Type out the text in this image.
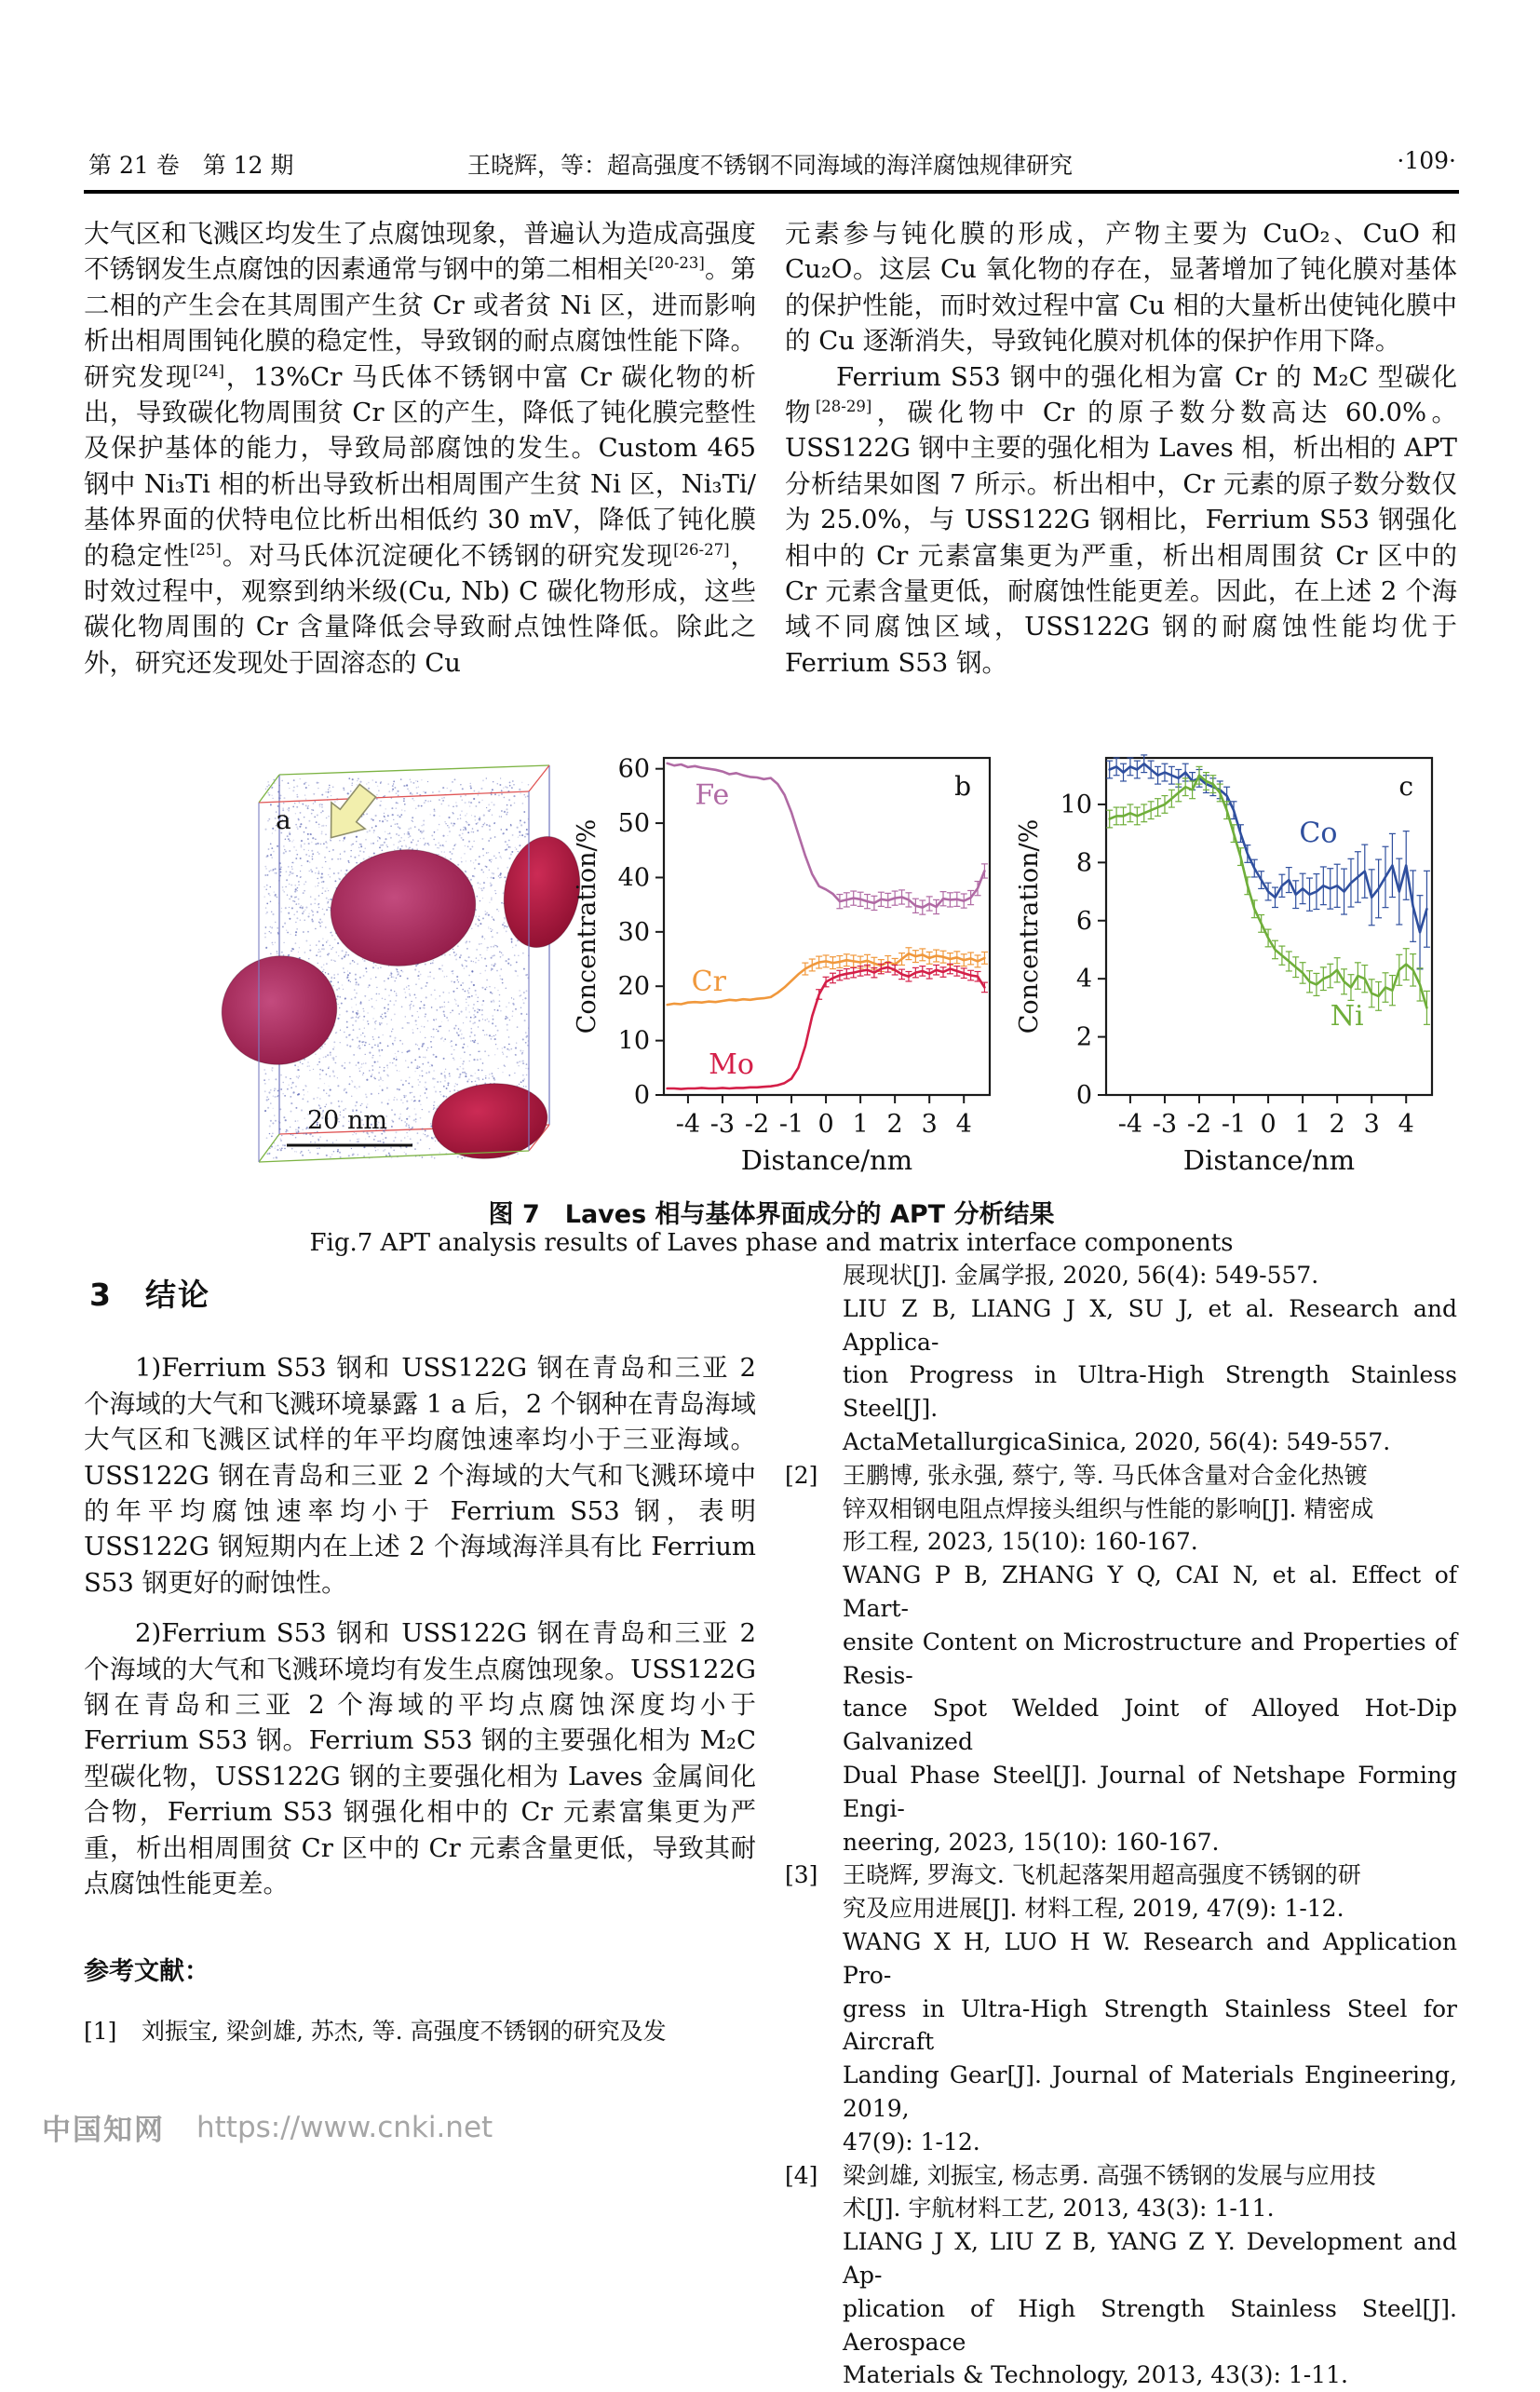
第 21 卷　第 12 期	王晓辉，等：超高强度不锈钢不同海域的海洋腐蚀规律研究	·109·

大气区和飞溅区均发生了点腐蚀现象，普遍认为造成高强度不锈钢发生点腐蚀的因素通常与钢中的第二相相关[20-23]。第二相的产生会在其周围产生贫 Cr 或者贫 Ni 区，进而影响析出相周围钝化膜的稳定性，导致钢的耐点腐蚀性能下降。研究发现[24]，13%Cr 马氏体不锈钢中富 Cr 碳化物的析出，导致碳化物周围贫 Cr 区的产生，降低了钝化膜完整性及保护基体的能力，导致局部腐蚀的发生。Custom 465 钢中 Ni₃Ti 相的析出导致析出相周围产生贫 Ni 区，Ni₃Ti/基体界面的伏特电位比析出相低约 30 mV，降低了钝化膜的稳定性[25]。对马氏体沉淀硬化不锈钢的研究发现[26-27]，时效过程中，观察到纳米级(Cu, Nb) C 碳化物形成，这些碳化物周围的 Cr 含量降低会导致耐点蚀性降低。除此之外，研究还发现处于固溶态的 Cu

元素参与钝化膜的形成，产物主要为 CuO₂、CuO 和 Cu₂O。这层 Cu 氧化物的存在，显著增加了钝化膜对基体的保护性能，而时效过程中富 Cu 相的大量析出使钝化膜中的 Cu 逐渐消失，导致钝化膜对机体的保护作用下降。

Ferrium S53 钢中的强化相为富 Cr 的 M₂C 型碳化物[28-29]，碳化物中 Cr 的原子数分数高达 60.0%。USS122G 钢中主要的强化相为 Laves 相，析出相的 APT 分析结果如图 7 所示。析出相中，Cr 元素的原子数分数仅为 25.0%，与 USS122G 钢相比，Ferrium S53 钢强化相中的 Cr 元素富集更为严重，析出相周围贫 Cr 区中的 Cr 元素含量更低，耐腐蚀性能更差。因此，在上述 2 个海域不同腐蚀区域，USS122G 钢的耐腐蚀性能均优于 Ferrium S53 钢。

a
20 nm
0
10
20
30
40
50
60
-4 -3 -2 -1 0 1 2 3 4
Concentration/%
Distance/nm
b
Fe
Cr
Mo
0
2
4
6
8
10
-4 -3 -2 -1 0 1 2 3 4
Concentration/%
Distance/nm
c
Co
Ni
图 7　Laves 相与基体界面成分的 APT 分析结果
Fig.7 APT analysis results of Laves phase and matrix interface components
3　结论

1)Ferrium S53 钢和 USS122G 钢在青岛和三亚 2 个海域的大气和飞溅环境暴露 1 a 后，2 个钢种在青岛海域大气区和飞溅区试样的年平均腐蚀速率均小于三亚海域。USS122G 钢在青岛和三亚 2 个海域的大气和飞溅环境中的年平均腐蚀速率均小于 Ferrium S53 钢，表明 USS122G 钢短期内在上述 2 个海域海洋具有比 Ferrium S53 钢更好的耐蚀性。

2)Ferrium S53 钢和 USS122G 钢在青岛和三亚 2 个海域的大气和飞溅环境均有发生点腐蚀现象。USS122G 钢在青岛和三亚 2 个海域的平均点腐蚀深度均小于 Ferrium S53 钢。Ferrium S53 钢的主要强化相为 M₂C 型碳化物，USS122G 钢的主要强化相为 Laves 金属间化合物，Ferrium S53 钢强化相中的 Cr 元素富集更为严重，析出相周围贫 Cr 区中的 Cr 元素含量更低，导致其耐点腐蚀性能更差。

参考文献：
[1]	刘振宝, 梁剑雄, 苏杰, 等. 高强度不锈钢的研究及发
展现状[J]. 金属学报, 2020, 56(4): 549-557.
LIU Z B, LIANG J X, SU J, et al. Research and Applica-
tion Progress in Ultra-High Strength Stainless Steel[J].
ActaMetallurgicaSinica, 2020, 56(4): 549-557.
[2]	王鹏博, 张永强, 蔡宁, 等. 马氏体含量对合金化热镀
锌双相钢电阻点焊接头组织与性能的影响[J]. 精密成
形工程, 2023, 15(10): 160-167.
WANG P B, ZHANG Y Q, CAI N, et al. Effect of Mart-
ensite Content on Microstructure and Properties of Resis-
tance Spot Welded Joint of Alloyed Hot-Dip Galvanized
Dual Phase Steel[J]. Journal of Netshape Forming Engi-
neering, 2023, 15(10): 160-167.
[3]	王晓辉, 罗海文. 飞机起落架用超高强度不锈钢的研
究及应用进展[J]. 材料工程, 2019, 47(9): 1-12.
WANG X H, LUO H W. Research and Application Pro-
gress in Ultra-High Strength Stainless Steel for Aircraft
Landing Gear[J]. Journal of Materials Engineering, 2019,
47(9): 1-12.
[4]	梁剑雄, 刘振宝, 杨志勇. 高强不锈钢的发展与应用技
术[J]. 宇航材料工艺, 2013, 43(3): 1-11.
LIANG J X, LIU Z B, YANG Z Y. Development and Ap-
plication of High Strength Stainless Steel[J]. Aerospace
Materials & Technology, 2013, 43(3): 1-11.
中国知网 https://www.cnki.net
